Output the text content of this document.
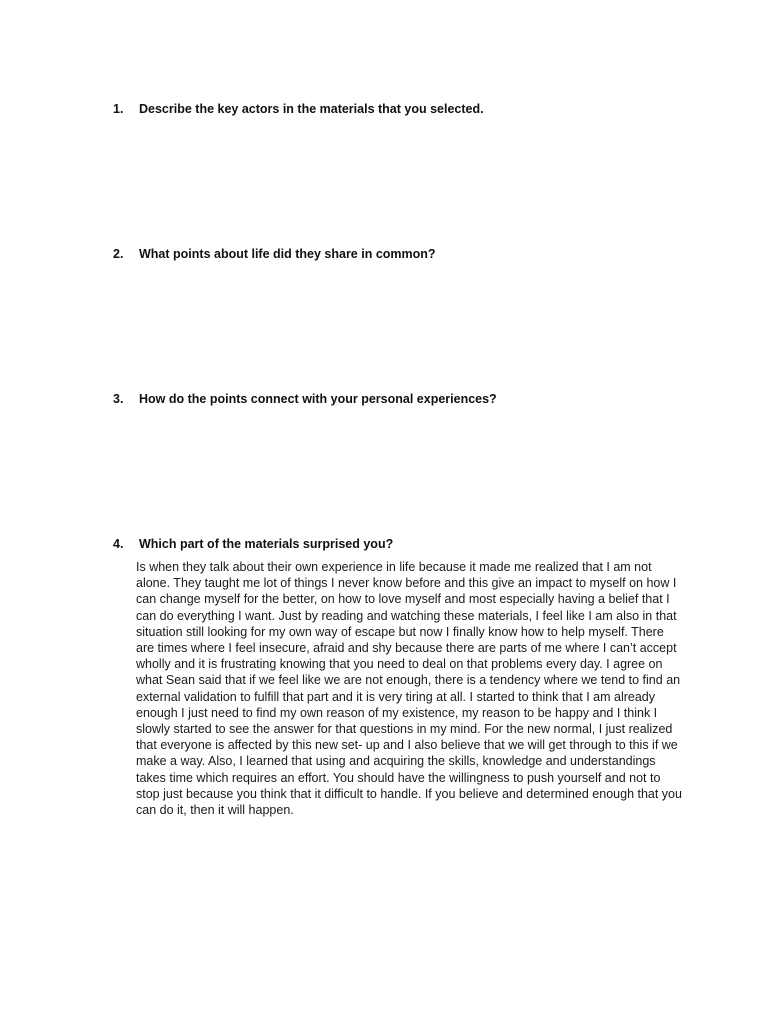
1. Describe the key actors in the materials that you selected.
2. What points about life did they share in common?
3. How do the points connect with your personal experiences?
4. Which part of the materials surprised you?

Is when they talk about their own experience in life because it made me realized that I am not alone. They taught me lot of things I never know before and this give an impact to myself on how I can change myself for the better, on how to love myself and most especially having a belief that I can do everything I want. Just by reading and watching these materials, I feel like I am also in that situation still looking for my own way of escape but now I finally know how to help myself. There are times where I feel insecure, afraid and shy because there are parts of me where I can’t accept wholly and it is frustrating knowing that you need to deal on that problems every day. I agree on what Sean said that if we feel like we are not enough, there is a tendency where we tend to find an external validation to fulfill that part and it is very tiring at all. I started to think that I am already enough I just need to find my own reason of my existence, my reason to be happy and I think I slowly started to see the answer for that questions in my mind. For the new normal, I just realized that everyone is affected by this new set- up and I also believe that we will get through to this if we make a way. Also, I learned that using and acquiring the skills, knowledge and understandings takes time which requires an effort. You should have the willingness to push yourself and not to stop just because you think that it difficult to handle. If you believe and determined enough that you can do it, then it will happen.
